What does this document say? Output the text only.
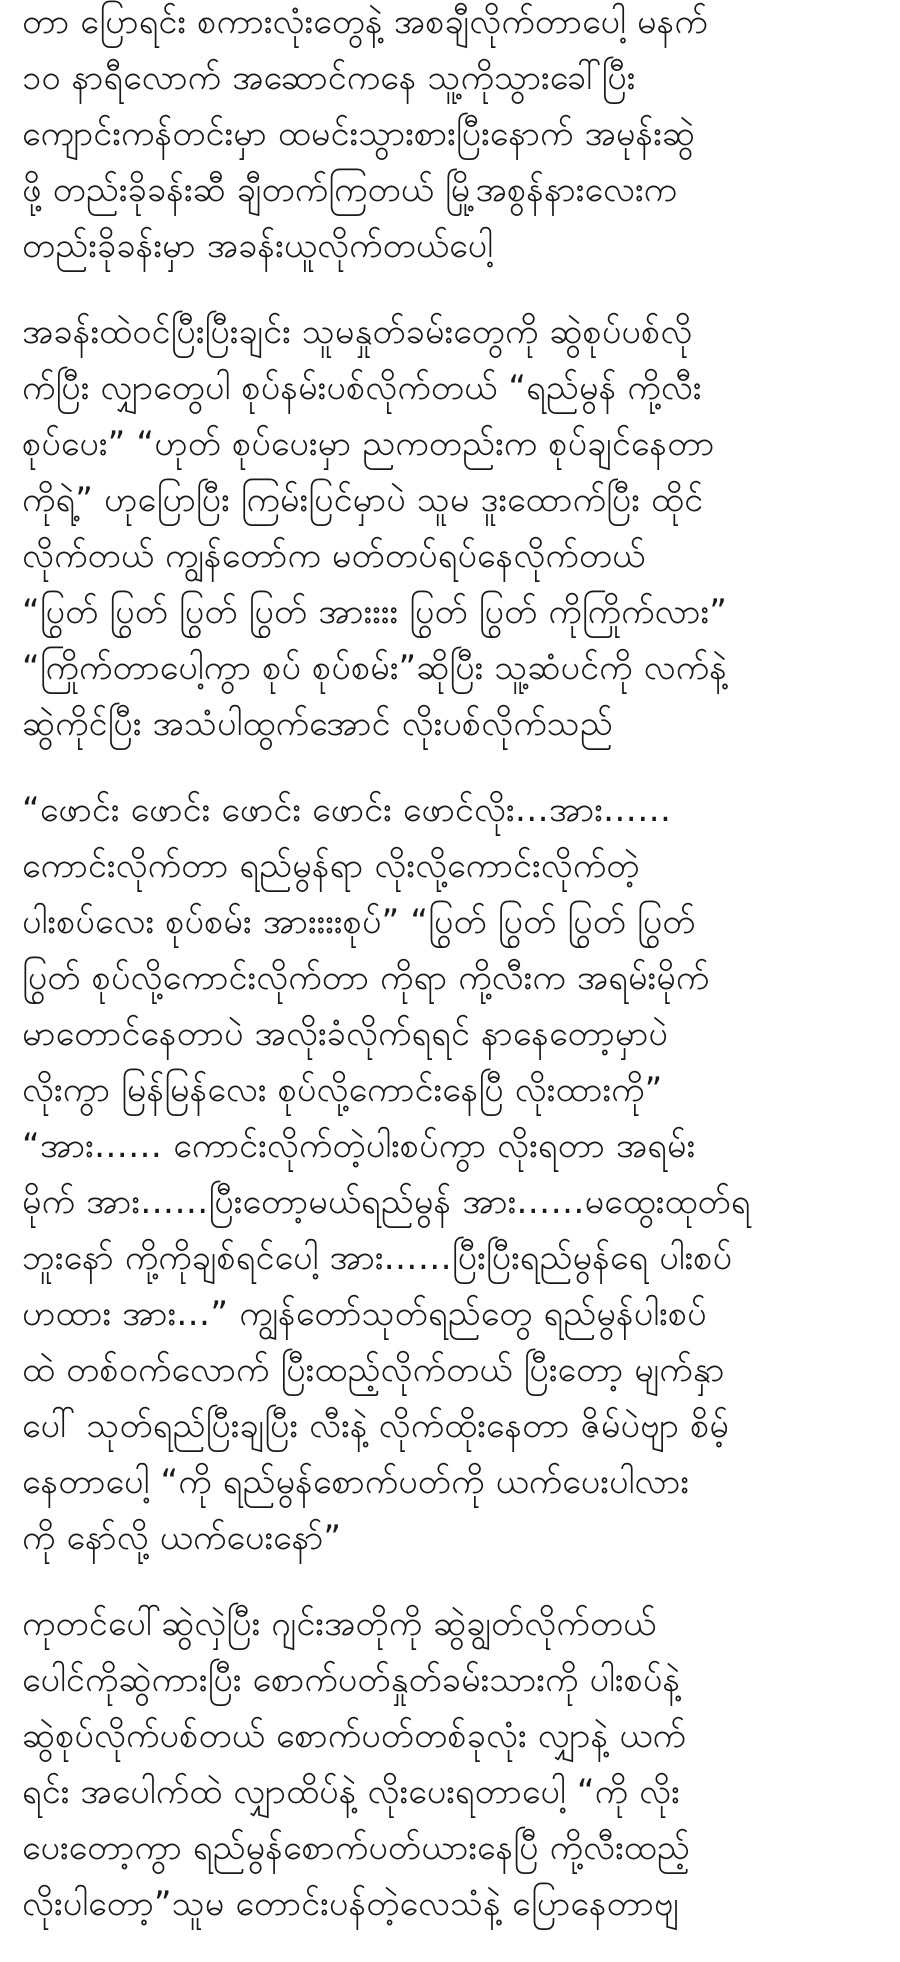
တာ ပြောရင်း စကားလုံးတွေနဲ့ အစချီလိုက်တာပေါ့ မနက်
၁၀ နာရီလောက် အဆောင်ကနေ သူ့ကိုသွားခေါ်ပြီး
ကျောင်းကန်တင်းမှာ ထမင်းသွားစားပြီးနောက် အမုန်းဆွဲ
ဖို့ တည်းခိုခန်းဆီ ချီတက်ကြတယ် မြို့အစွန်နားလေးက
တည်းခိုခန်းမှာ အခန်းယူလိုက်တယ်ပေါ့
အခန်းထဲဝင်ပြီးပြီးချင်း သူမနှုတ်ခမ်းတွေကို ဆွဲစုပ်ပစ်လို
က်ပြီး လျှာတွေပါ စုပ်နမ်းပစ်လိုက်တယ် “ရည်မွန် ကို့လီး
စုပ်ပေး” “ဟုတ် စုပ်ပေးမှာ ညကတည်းက စုပ်ချင်နေတာ
ကိုရဲ့” ဟုပြောပြီး ကြမ်းပြင်မှာပဲ သူမ ဒူးထောက်ပြီး ထိုင်
လိုက်တယ် ကျွန်တော်က မတ်တပ်ရပ်နေလိုက်တယ်
“ပြွတ် ပြွတ် ပြွတ် ပြွတ် အားးးး ပြွတ် ပြွတ် ကိုကြိုက်လား”
“ကြိုက်တာပေါ့ကွာ စုပ် စုပ်စမ်း”ဆိုပြီး သူ့ဆံပင်ကို လက်နဲ့
ဆွဲကိုင်ပြီး အသံပါထွက်အောင် လိုးပစ်လိုက်သည်
“ဖောင်း ဖောင်း ဖောင်း ဖောင်း ဖောင်လိုး…အား……
ကောင်းလိုက်တာ ရည်မွန်ရာ လိုးလို့ကောင်းလိုက်တဲ့
ပါးစပ်လေး စုပ်စမ်း အားးးးစုပ်” “ပြွတ် ပြွတ် ပြွတ် ပြွတ်
ပြွတ် စုပ်လို့ကောင်းလိုက်တာ ကိုရာ ကို့လီးက အရမ်းမိုက်
မာတောင်နေတာပဲ အလိုးခံလိုက်ရရင် နာနေတော့မှာပဲ
လိုးကွာ မြန်မြန်လေး စုပ်လို့ကောင်းနေပြီ လိုးထားကို”
“အား…… ကောင်းလိုက်တဲ့ပါးစပ်ကွာ လိုးရတာ အရမ်း
မိုက် အား……ပြီးတော့မယ်ရည်မွန် အား……မထွေးထုတ်ရ
ဘူးနော် ကို့ကိုချစ်ရင်ပေါ့ အား……ပြီးပြီးရည်မွန်ရေ ပါးစပ်
ဟထား အား…” ကျွန်တော်သုတ်ရည်တွေ ရည်မွန်ပါးစပ်
ထဲ တစ်ဝက်လောက် ပြီးထည့်လိုက်တယ် ပြီးတော့ မျက်နှာ
ပေါ် သုတ်ရည်ပြီးချပြီး လီးနဲ့ လိုက်ထိုးနေတာ ဇိမ်ပဲဗျာ စိမ့်
နေတာပေါ့ “ကို ရည်မွန်စောက်ပတ်ကို ယက်ပေးပါလား
ကို နော်လို့ ယက်ပေးနော်”
ကုတင်ပေါ်ဆွဲလှဲပြီး ဂျင်းအတိုကို ဆွဲချွတ်လိုက်တယ်
ပေါင်ကိုဆွဲကားပြီး စောက်ပတ်နှုတ်ခမ်းသားကို ပါးစပ်နဲ့
ဆွဲစုပ်လိုက်ပစ်တယ် စောက်ပတ်တစ်ခုလုံး လျှာနဲ့ ယက်
ရင်း အပေါက်ထဲ လျှာထိပ်နဲ့ လိုးပေးရတာပေါ့ “ကို လိုး
ပေးတော့ကွာ ရည်မွန်စောက်ပတ်ယားနေပြီ ကို့လီးထည့်
လိုးပါတော့”သူမ တောင်းပန်တဲ့လေသံနဲ့ ပြောနေတာဗျ
